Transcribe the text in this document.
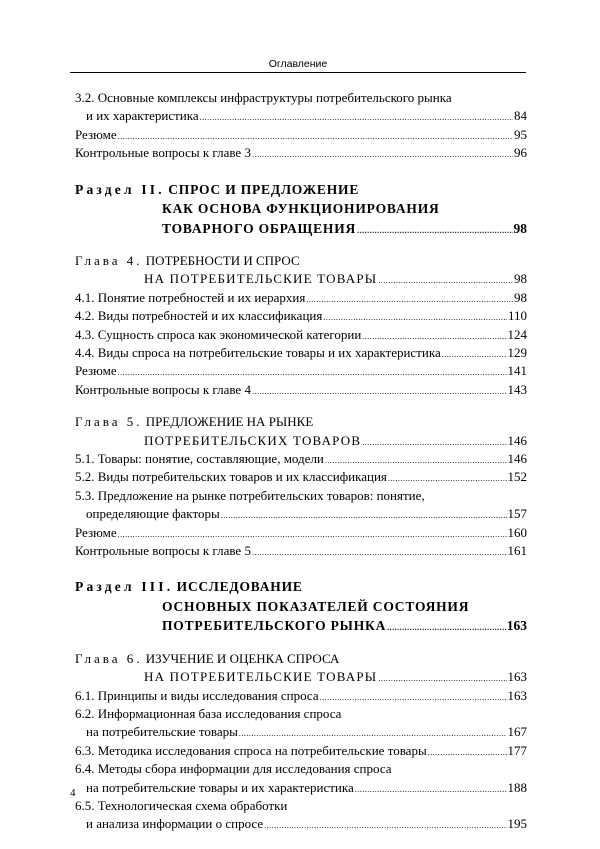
Оглавление
3.2. Основные комплексы инфраструктуры потребительского рынка
и их характеристика .....	84
Резюме .....	95
Контрольные вопросы к главе 3 .....	96
Раздел II. СПРОС И ПРЕДЛОЖЕНИЕ
КАК ОСНОВА ФУНКЦИОНИРОВАНИЯ
ТОВАРНОГО ОБРАЩЕНИЯ .....	98
Глава 4. ПОТРЕБНОСТИ И СПРОС
НА ПОТРЕБИТЕЛЬСКИЕ ТОВАРЫ .....	98
4.1. Понятие потребностей и их иерархия .....	98
4.2. Виды потребностей и их классификация .....	110
4.3. Сущность спроса как экономической категории .....	124
4.4. Виды спроса на потребительские товары и их характеристика .....	129
Резюме .....	141
Контрольные вопросы к главе 4 .....	143
Глава 5. ПРЕДЛОЖЕНИЕ НА РЫНКЕ
ПОТРЕБИТЕЛЬСКИХ ТОВАРОВ .....	146
5.1. Товары: понятие, составляющие, модели .....	146
5.2. Виды потребительских товаров и их классификация .....	152
5.3. Предложение на рынке потребительских товаров: понятие,
определяющие факторы .....	157
Резюме .....	160
Контрольные вопросы к главе 5 .....	161
Раздел III. ИССЛЕДОВАНИЕ
ОСНОВНЫХ ПОКАЗАТЕЛЕЙ СОСТОЯНИЯ
ПОТРЕБИТЕЛЬСКОГО РЫНКА .....	163
Глава 6. ИЗУЧЕНИЕ И ОЦЕНКА СПРОСА
НА ПОТРЕБИТЕЛЬСКИЕ ТОВАРЫ .....	163
6.1. Принципы и виды исследования спроса .....	163
6.2. Информационная база исследования спроса
на потребительские товары .....	167
6.3. Методика исследования спроса на потребительские товары .....	177
6.4. Методы сбора информации для исследования спроса
на потребительские товары и их характеристика .....	188
6.5. Технологическая схема обработки
и анализа информации о спросе .....	195
4
